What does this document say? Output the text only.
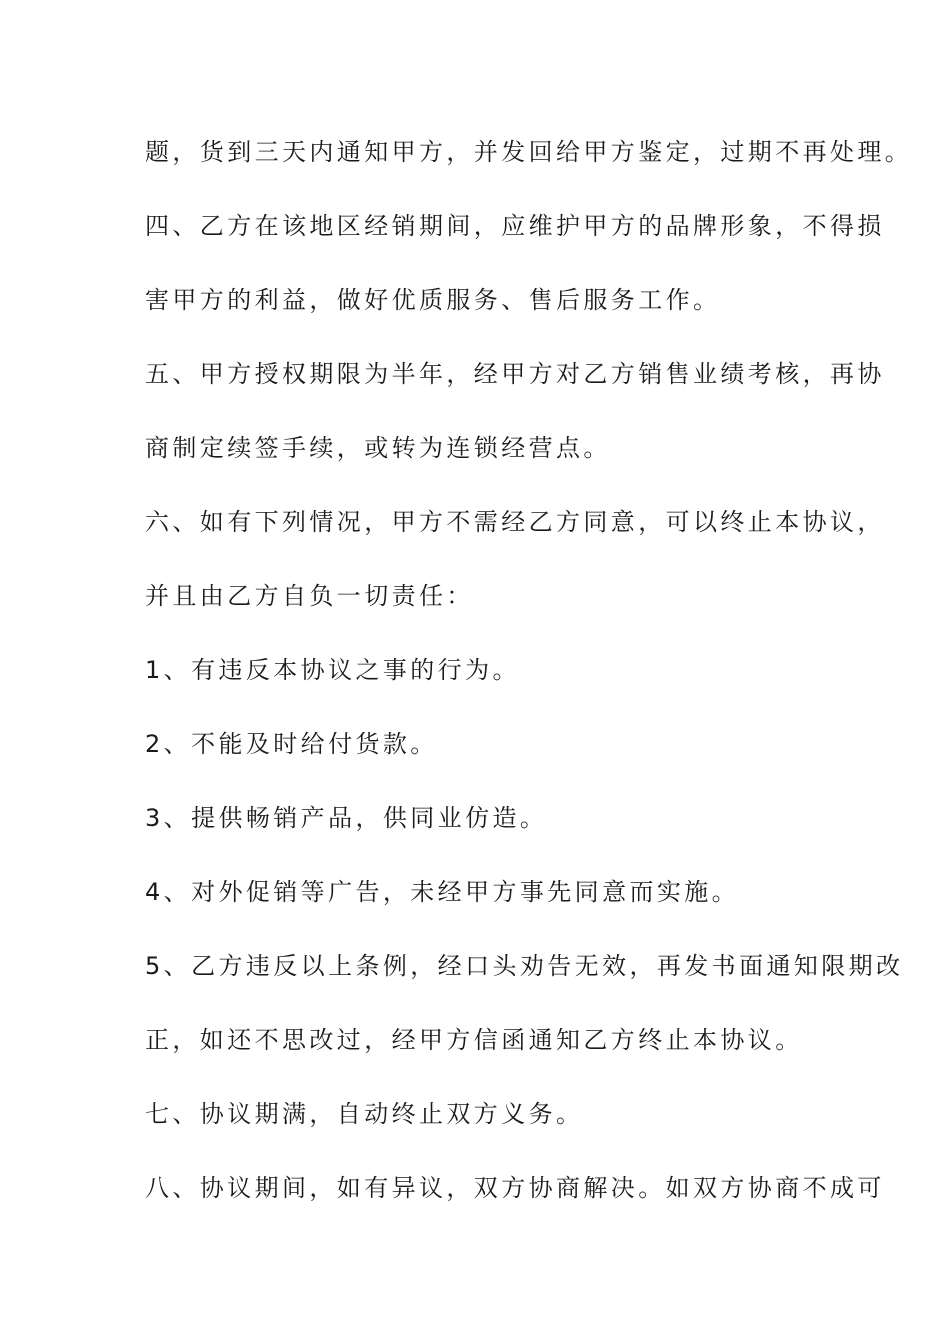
题，货到三天内通知甲方，并发回给甲方鉴定，过期不再处理。
四、乙方在该地区经销期间，应维护甲方的品牌形象，不得损
害甲方的利益，做好优质服务、售后服务工作。
五、甲方授权期限为半年，经甲方对乙方销售业绩考核，再协
商制定续签手续，或转为连锁经营点。
六、如有下列情况，甲方不需经乙方同意，可以终止本协议，
并且由乙方自负一切责任：
1、有违反本协议之事的行为。
2、不能及时给付货款。
3、提供畅销产品，供同业仿造。
4、对外促销等广告，未经甲方事先同意而实施。
5、乙方违反以上条例，经口头劝告无效，再发书面通知限期改
正，如还不思改过，经甲方信函通知乙方终止本协议。
七、协议期满，自动终止双方义务。
八、协议期间，如有异议，双方协商解决。如双方协商不成可
